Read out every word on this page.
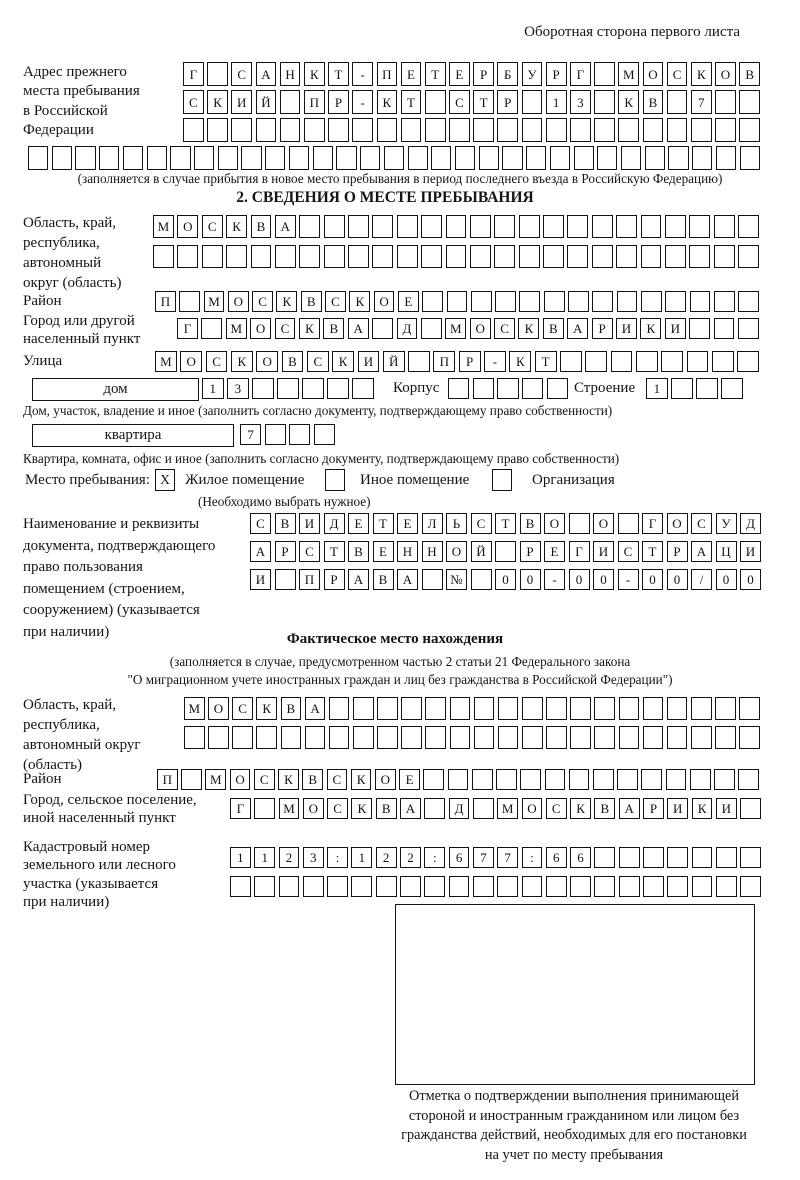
Оборотная сторона первого листа
Адрес прежнего
места пребывания
в Российской
Федерации
Г	С	А	Н	К	Т	-	П	Е	Т	Е	Р	Б	У	Р	Г	М	О	С	К	О	В
С	К	И	Й	П	Р	-	К	Т	С	Т	Р	1	3	К	В	7
(заполняется в случае прибытия в новое место пребывания в период последнего въезда в Российскую Федерацию)
2. СВЕДЕНИЯ О МЕСТЕ ПРЕБЫВАНИЯ
Область, край,
республика,
автономный
округ (область)
М	О	С	К	В	А
Район	П	М	О	С	К	В	С	К	О	Е
Город или другой
населенный пункт
Г	М	О	С	К	В	А	Д	М	О	С	К	В	А	Р	И	К	И
Улица	М	О	С	К	О	В	С	К	И	Й	П	Р	-	К	Т
дом	1	3	Корпус	Строение	1
Дом, участок, владение и иное (заполнить согласно документу, подтверждающему право собственности)
квартира	7
Квартира, комната, офис и иное (заполнить согласно документу, подтверждающему право собственности)
Место пребывания: X	Жилое помещение	Иное помещение	Организация
(Необходимо выбрать нужное)
Наименование и реквизиты
документа, подтверждающего
право пользования
помещением (строением,
сооружением) (указывается
при наличии)
С	В	И	Д	Е	Т	Е	Л	Ь	С	Т	В	О	О	Г	О	С	У	Д
А	Р	С	Т	В	Е	Н	Н	О	Й	Р	Е	Г	И	С	Т	Р	А	Ц	И
И	П	Р	А	В	А	№	0	0	-	0	0	-	0	0	/	0	0
Фактическое место нахождения
(заполняется в случае, предусмотренном частью 2 статьи 21 Федерального закона
"О миграционном учете иностранных граждан и лиц без гражданства в Российской Федерации")
Область, край,
республика,
автономный округ
(область)
М	О	С	К	В	А
Район	П	М	О	С	К	В	С	К	О	Е
Город, сельское поселение,
иной населенный пункт
Г	М	О	С	К	В	А	Д	М	О	С	К	В	А	Р	И	К	И
Кадастровый номер
земельного или лесного
участка (указывается
при наличии)
1	1	2	3	:	1	2	2	:	6	7	7	:	6	6
Отметка о подтверждении выполнения принимающей
стороной и иностранным гражданином или лицом без
гражданства действий, необходимых для его постановки
на учет по месту пребывания
